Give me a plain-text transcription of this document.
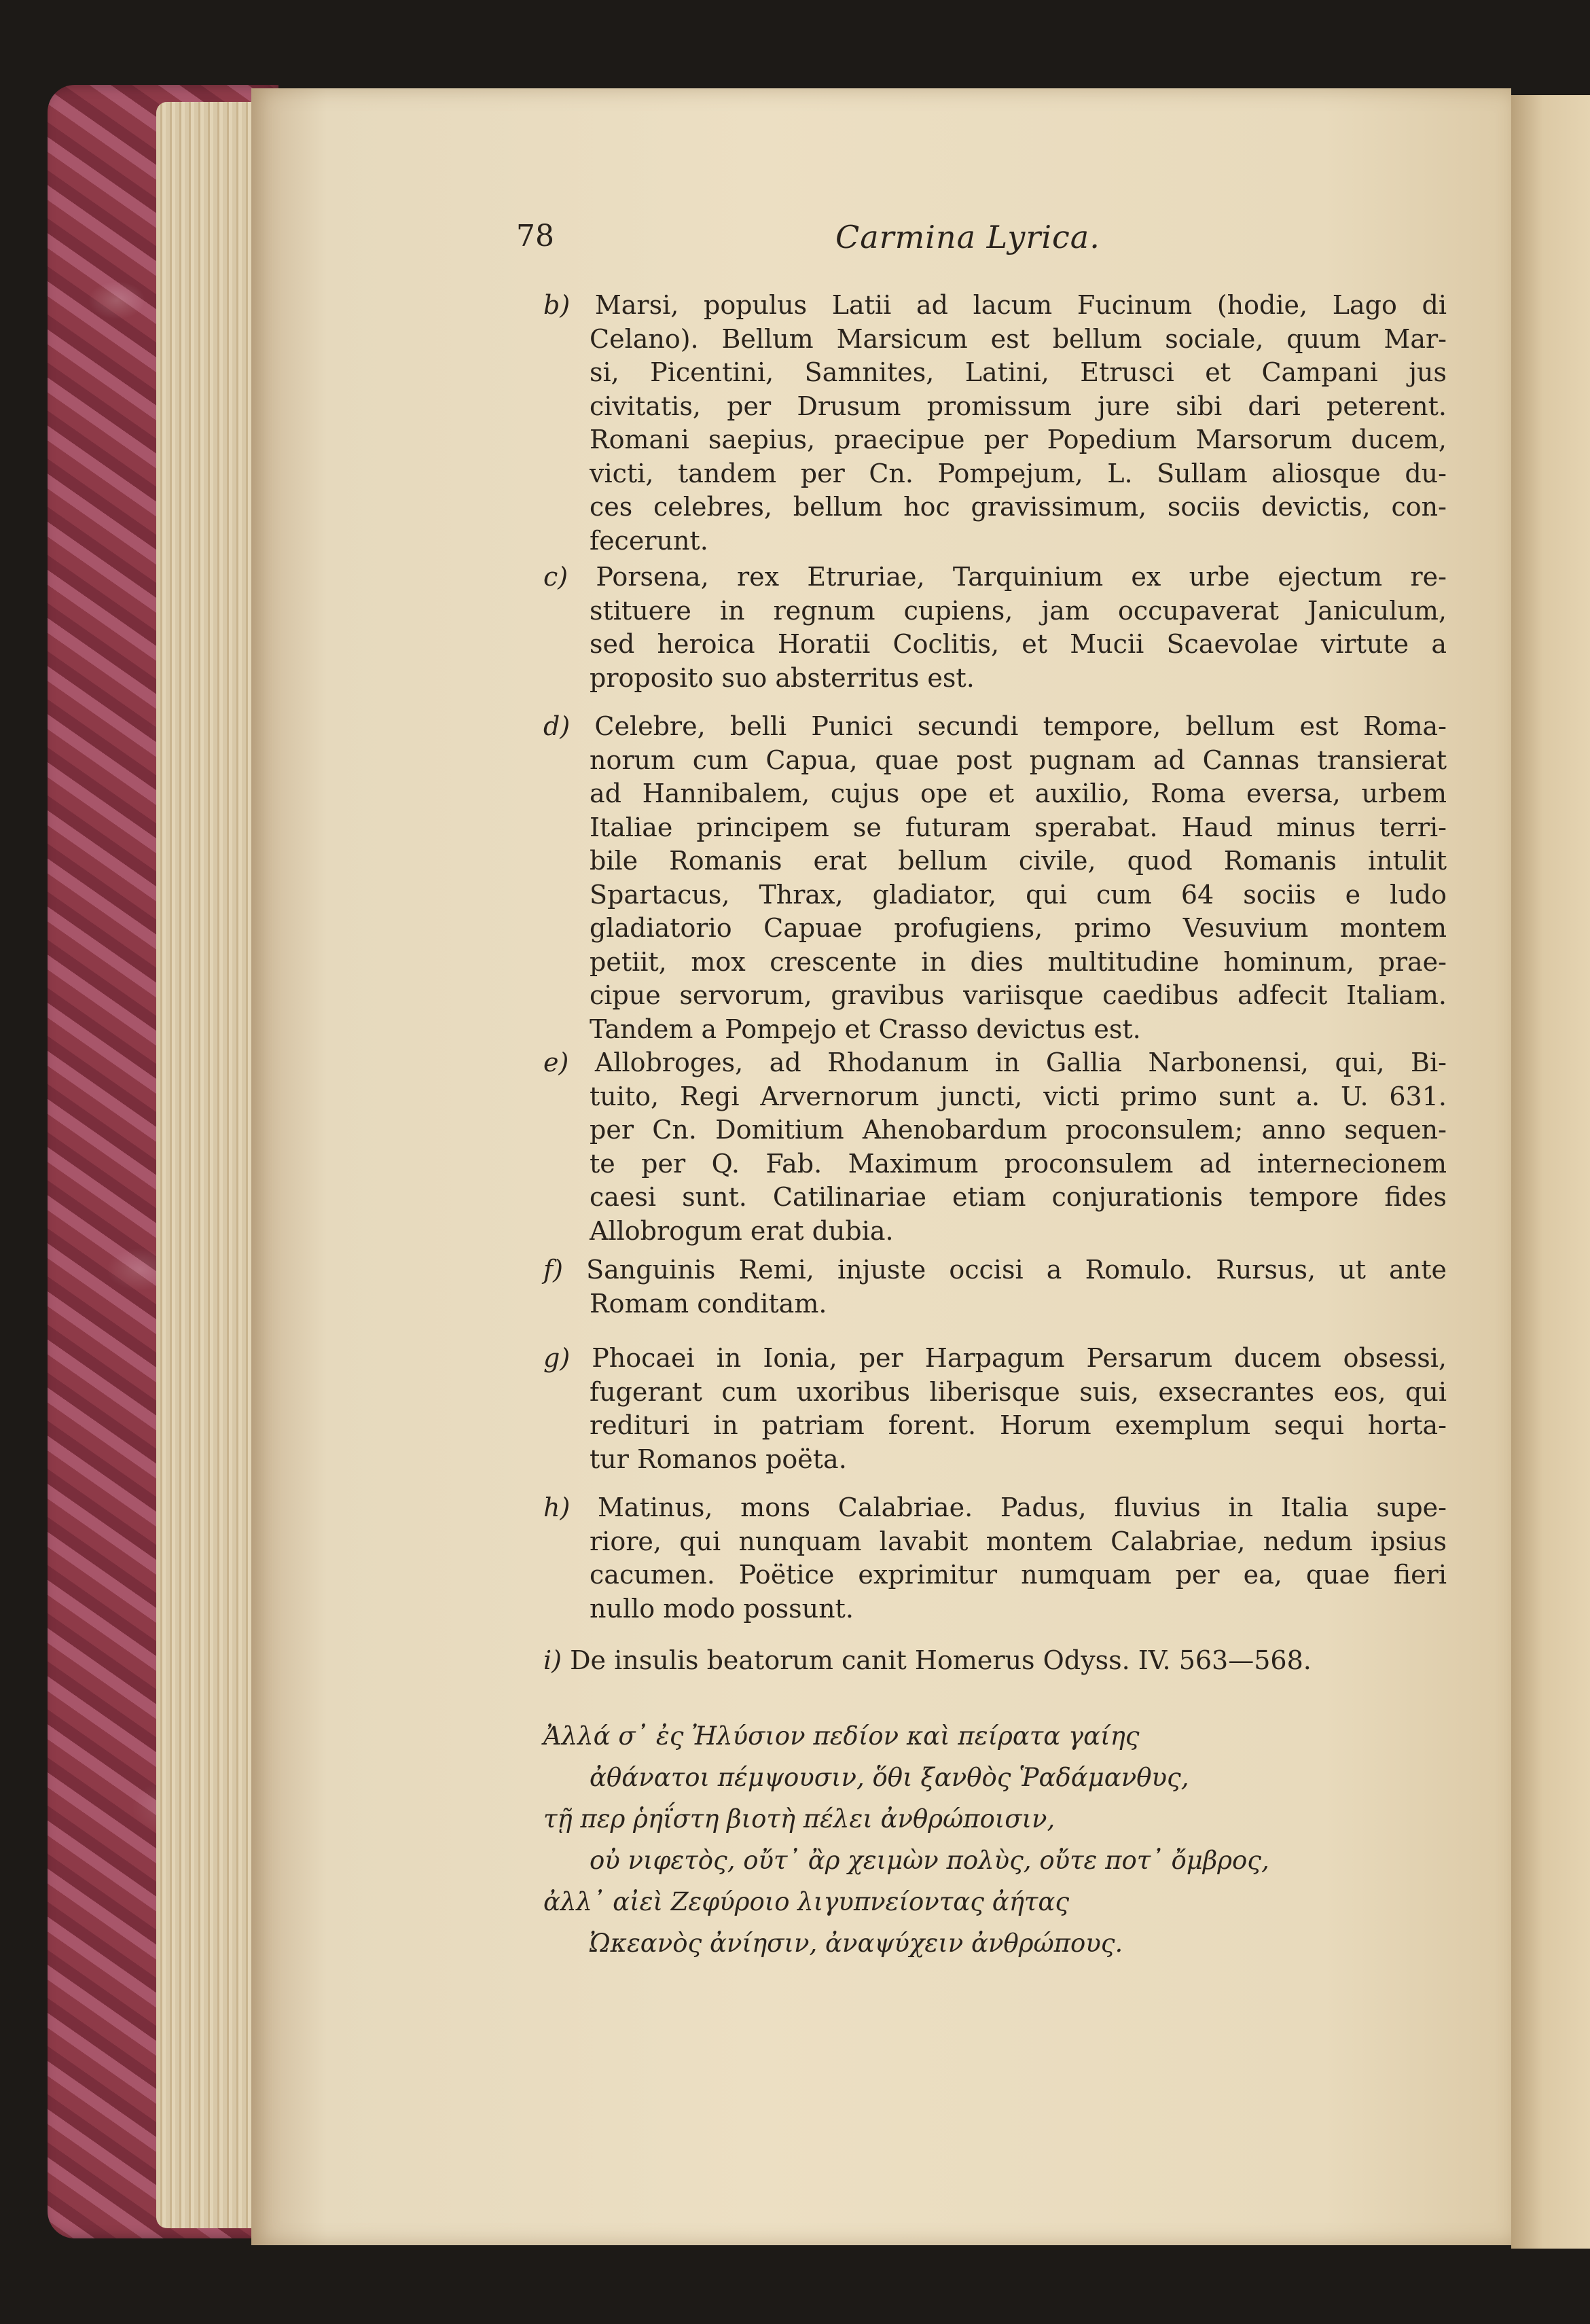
78	Carmina Lyrica.
b) Marsi, populus Latii ad lacum Fucinum (hodie, Lago di
Celano). Bellum Marsicum est bellum sociale, quum Mar-
si, Picentini, Samnites, Latini, Etrusci et Campani jus
civitatis, per Drusum promissum jure sibi dari peterent.
Romani saepius, praecipue per Popedium Marsorum ducem,
victi, tandem per Cn. Pompejum, L. Sullam aliosque du-
ces celebres, bellum hoc gravissimum, sociis devictis, con-
fecerunt.
c) Porsena, rex Etruriae, Tarquinium ex urbe ejectum re-
stituere in regnum cupiens, jam occupaverat Janiculum,
sed heroica Horatii Coclitis, et Mucii Scaevolae virtute a
proposito suo absterritus est.
d) Celebre, belli Punici secundi tempore, bellum est Roma-
norum cum Capua, quae post pugnam ad Cannas transierat
ad Hannibalem, cujus ope et auxilio, Roma eversa, urbem
Italiae principem se futuram sperabat. Haud minus terri-
bile Romanis erat bellum civile, quod Romanis intulit
Spartacus, Thrax, gladiator, qui cum 64 sociis e ludo
gladiatorio Capuae profugiens, primo Vesuvium montem
petiit, mox crescente in dies multitudine hominum, prae-
cipue servorum, gravibus variisque caedibus adfecit Italiam.
Tandem a Pompejo et Crasso devictus est.
e) Allobroges, ad Rhodanum in Gallia Narbonensi, qui, Bi-
tuito, Regi Arvernorum juncti, victi primo sunt a. U. 631.
per Cn. Domitium Ahenobardum proconsulem; anno sequen-
te per Q. Fab. Maximum proconsulem ad internecionem
caesi sunt. Catilinariae etiam conjurationis tempore fides
Allobrogum erat dubia.
f) Sanguinis Remi, injuste occisi a Romulo. Rursus, ut ante
Romam conditam.
g) Phocaei in Ionia, per Harpagum Persarum ducem obsessi,
fugerant cum uxoribus liberisque suis, exsecrantes eos, qui
redituri in patriam forent. Horum exemplum sequi horta-
tur Romanos poëta.
h) Matinus, mons Calabriae. Padus, fluvius in Italia supe-
riore, qui nunquam lavabit montem Calabriae, nedum ipsius
cacumen. Poëtice exprimitur numquam per ea, quae fieri
nullo modo possunt.
i) De insulis beatorum canit Homerus Odyss. IV. 563—568.
Ἀλλά σ᾽ ἐς Ἠλύσιον πεδίον καὶ πείρατα γαίης
ἀθάνατοι πέμψουσιν, ὅθι ξανθὸς Ῥαδάμανθυς,
τῇ περ ῥηΐστη βιοτὴ πέλει ἀνθρώποισιν,
οὐ νιφετὸς, οὔτ᾽ ἂρ χειμὼν πολὺς, οὔτε ποτ᾽ ὄμβρος,
ἀλλ᾽ αἰεὶ Ζεφύροιο λιγυπνείοντας ἀήτας
Ὠκεανὸς ἀνίησιν, ἀναψύχειν ἀνθρώπους.
